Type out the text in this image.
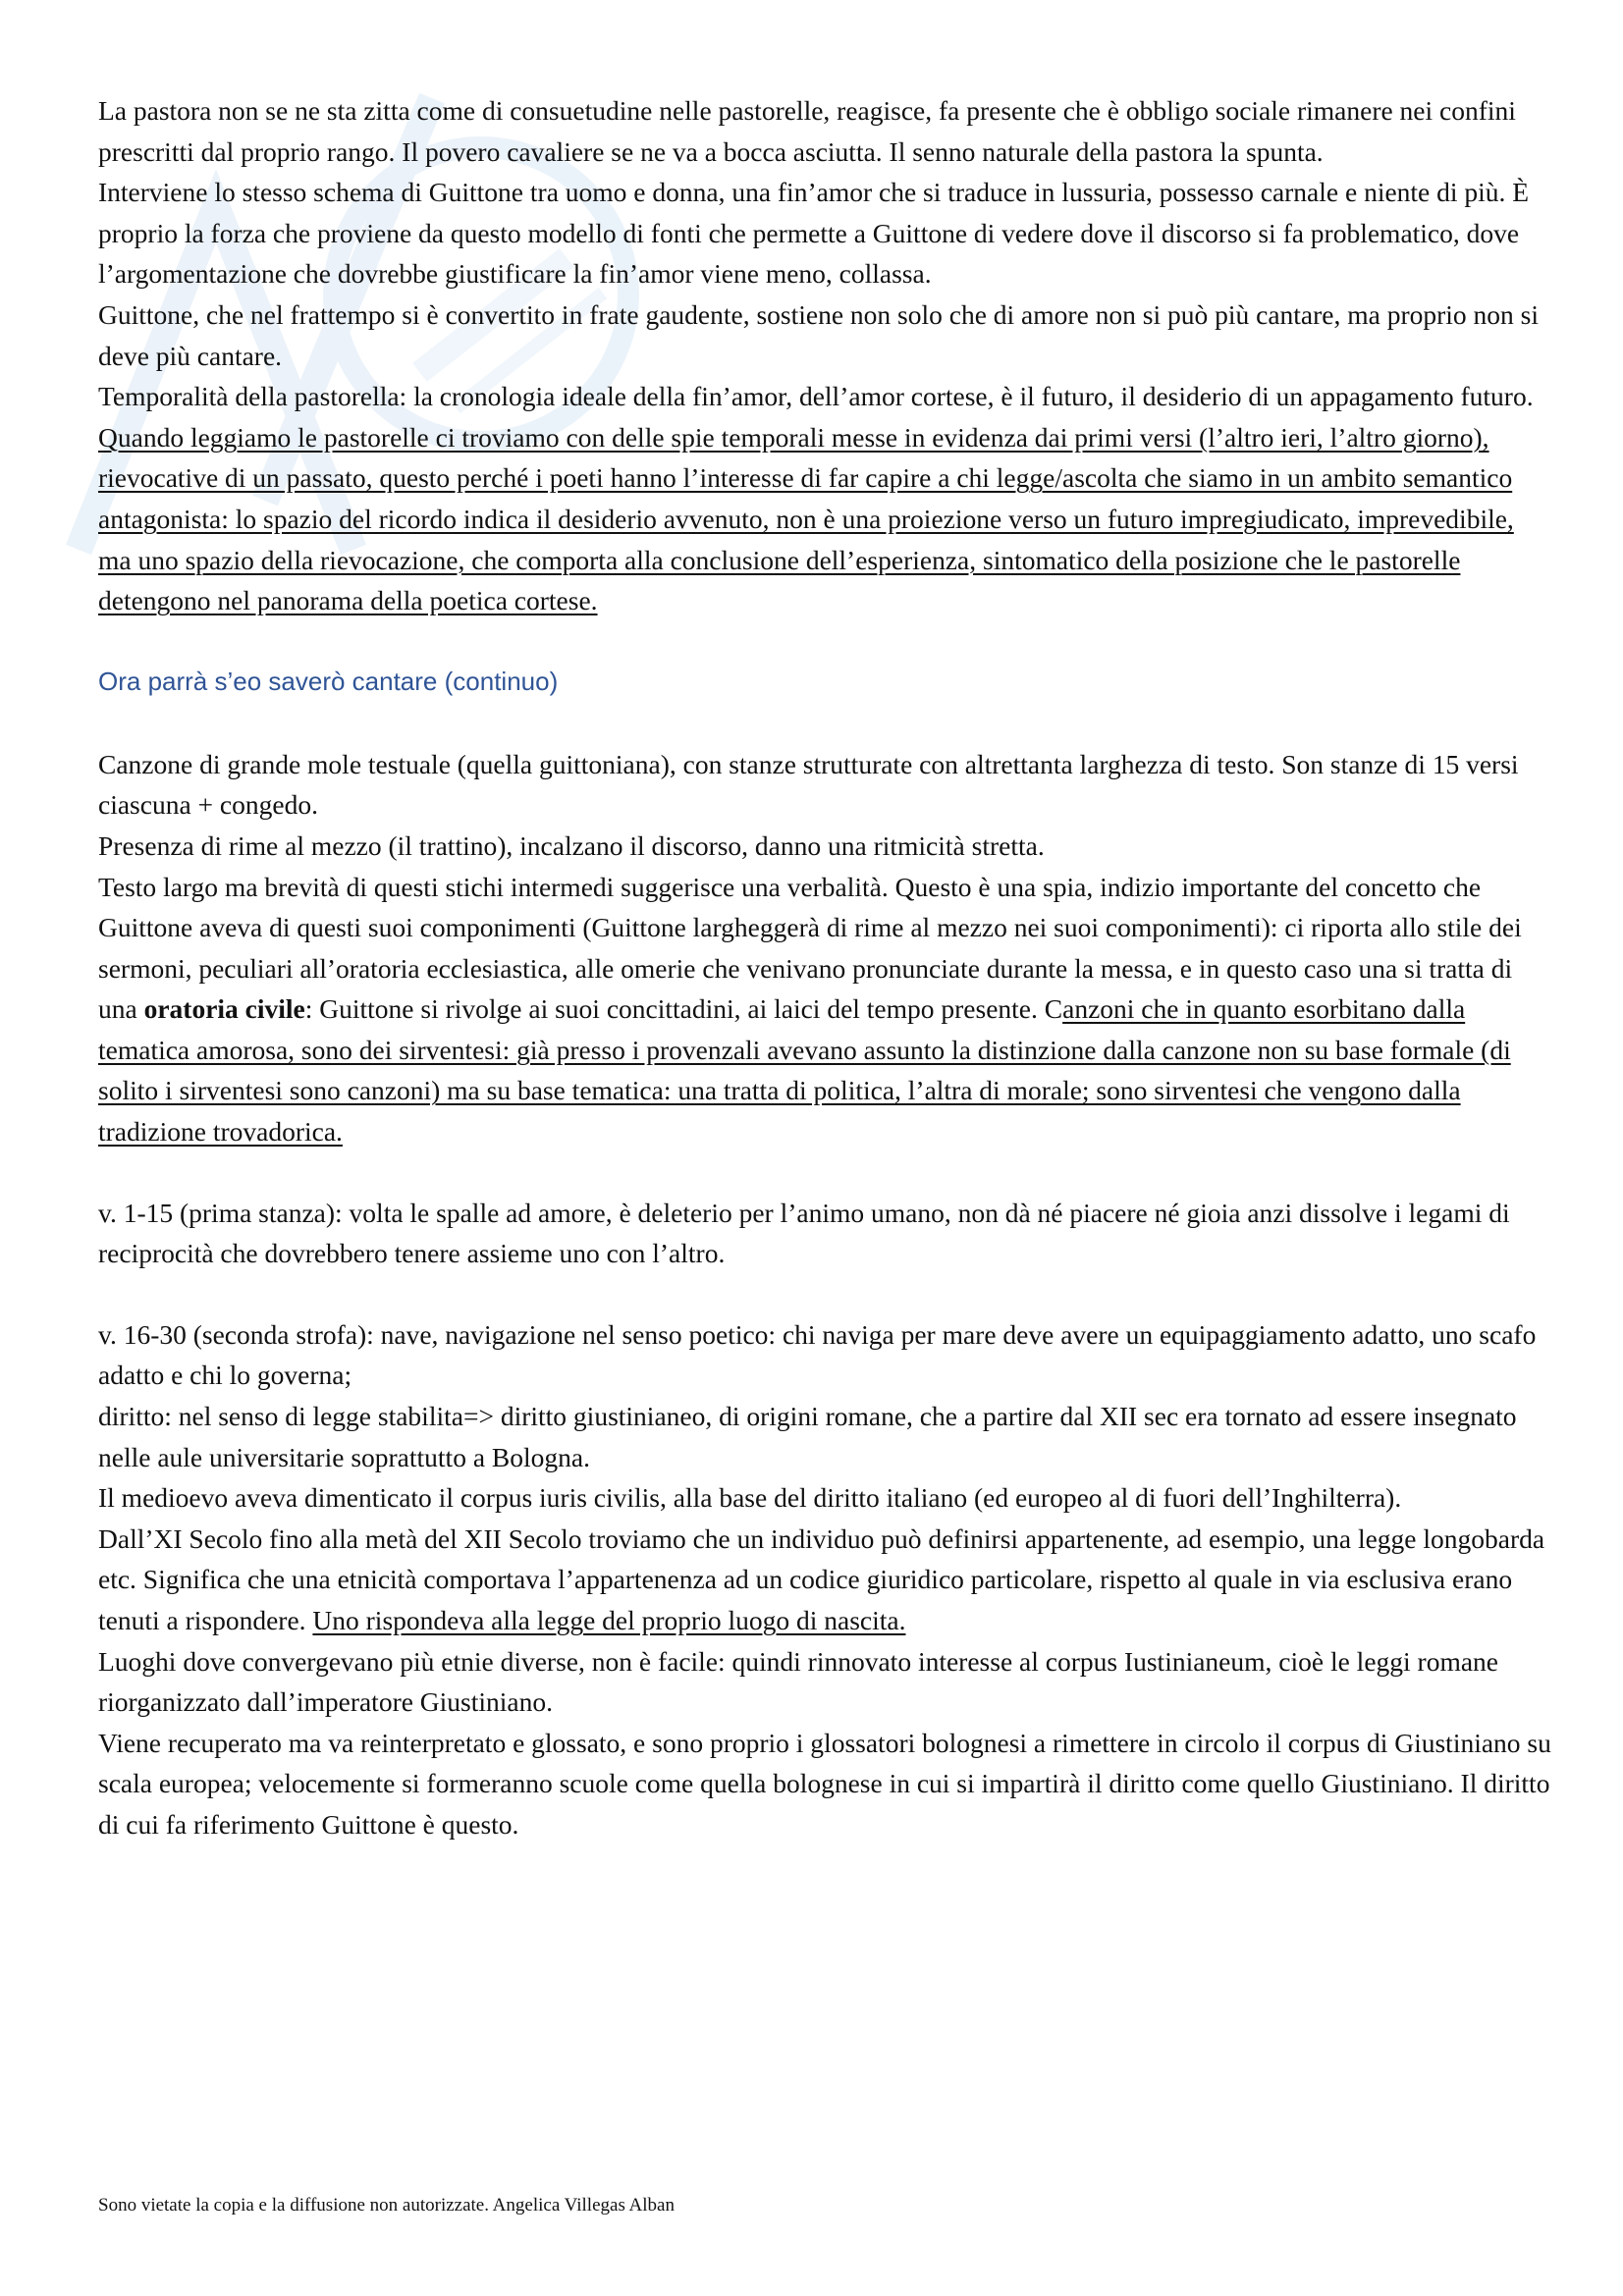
La pastora non se ne sta zitta come di consuetudine nelle pastorelle, reagisce, fa presente che è obbligo sociale rimanere nei confini prescritti dal proprio rango. Il povero cavaliere se ne va a bocca asciutta. Il senno naturale della pastora la spunta.

Interviene lo stesso schema di Guittone tra uomo e donna, una fin’amor che si traduce in lussuria, possesso carnale e niente di più. È proprio la forza che proviene da questo modello di fonti che permette a Guittone di vedere dove il discorso si fa problematico, dove l’argomentazione che dovrebbe giustificare la fin’amor viene meno, collassa.

Guittone, che nel frattempo si è convertito in frate gaudente, sostiene non solo che di amore non si può più cantare, ma proprio non si deve più cantare.

Temporalità della pastorella: la cronologia ideale della fin’amor, dell’amor cortese, è il futuro, il desiderio di un appagamento futuro.

Quando leggiamo le pastorelle ci troviamo con delle spie temporali messe in evidenza dai primi versi (l’altro ieri, l’altro giorno), rievocative di un passato, questo perché i poeti hanno l’interesse di far capire a chi legge/ascolta che siamo in un ambito semantico antagonista: lo spazio del ricordo indica il desiderio avvenuto, non è una proiezione verso un futuro impregiudicato, imprevedibile, ma uno spazio della rievocazione, che comporta alla conclusione dell’esperienza, sintomatico della posizione che le pastorelle detengono nel panorama della poetica cortese.

Ora parrà s’eo saverò cantare (continuo)

Canzone di grande mole testuale (quella guittoniana), con stanze strutturate con altrettanta larghezza di testo. Son stanze di 15 versi ciascuna + congedo.

Presenza di rime al mezzo (il trattino), incalzano il discorso, danno una ritmicità stretta.

Testo largo ma brevità di questi stichi intermedi suggerisce una verbalità. Questo è una spia, indizio importante del concetto che Guittone aveva di questi suoi componimenti (Guittone largheggerà di rime al mezzo nei suoi componimenti): ci riporta allo stile dei sermoni, peculiari all’oratoria ecclesiastica, alle omerie che venivano pronunciate durante la messa, e in questo caso una si tratta di una oratoria civile: Guittone si rivolge ai suoi concittadini, ai laici del tempo presente. Canzoni che in quanto esorbitano dalla tematica amorosa, sono dei sirventesi: già presso i provenzali avevano assunto la distinzione dalla canzone non su base formale (di solito i sirventesi sono canzoni) ma su base tematica: una tratta di politica, l’altra di morale; sono sirventesi che vengono dalla tradizione trovadorica.

v. 1-15 (prima stanza): volta le spalle ad amore, è deleterio per l’animo umano, non dà né piacere né gioia anzi dissolve i legami di reciprocità che dovrebbero tenere assieme uno con l’altro.

v. 16-30 (seconda strofa): nave, navigazione nel senso poetico: chi naviga per mare deve avere un equipaggiamento adatto, uno scafo adatto e chi lo governa;

diritto: nel senso di legge stabilita=> diritto giustinianeo, di origini romane, che a partire dal XII sec era tornato ad essere insegnato nelle aule universitarie soprattutto a Bologna.

Il medioevo aveva dimenticato il corpus iuris civilis, alla base del diritto italiano (ed europeo al di fuori dell’Inghilterra).

Dall’XI Secolo fino alla metà del XII Secolo troviamo che un individuo può definirsi appartenente, ad esempio, una legge longobarda etc. Significa che una etnicità comportava l’appartenenza ad un codice giuridico particolare, rispetto al quale in via esclusiva erano tenuti a rispondere. Uno rispondeva alla legge del proprio luogo di nascita.

Luoghi dove convergevano più etnie diverse, non è facile: quindi rinnovato interesse al corpus Iustinianeum, cioè le leggi romane riorganizzato dall’imperatore Giustiniano.

Viene recuperato ma va reinterpretato e glossato, e sono proprio i glossatori bolognesi a rimettere in circolo il corpus di Giustiniano su scala europea; velocemente si formeranno scuole come quella bolognese in cui si impartirà il diritto come quello Giustiniano. Il diritto di cui fa riferimento Guittone è questo.

Sono vietate la copia e la diffusione non autorizzate. Angelica Villegas Alban
